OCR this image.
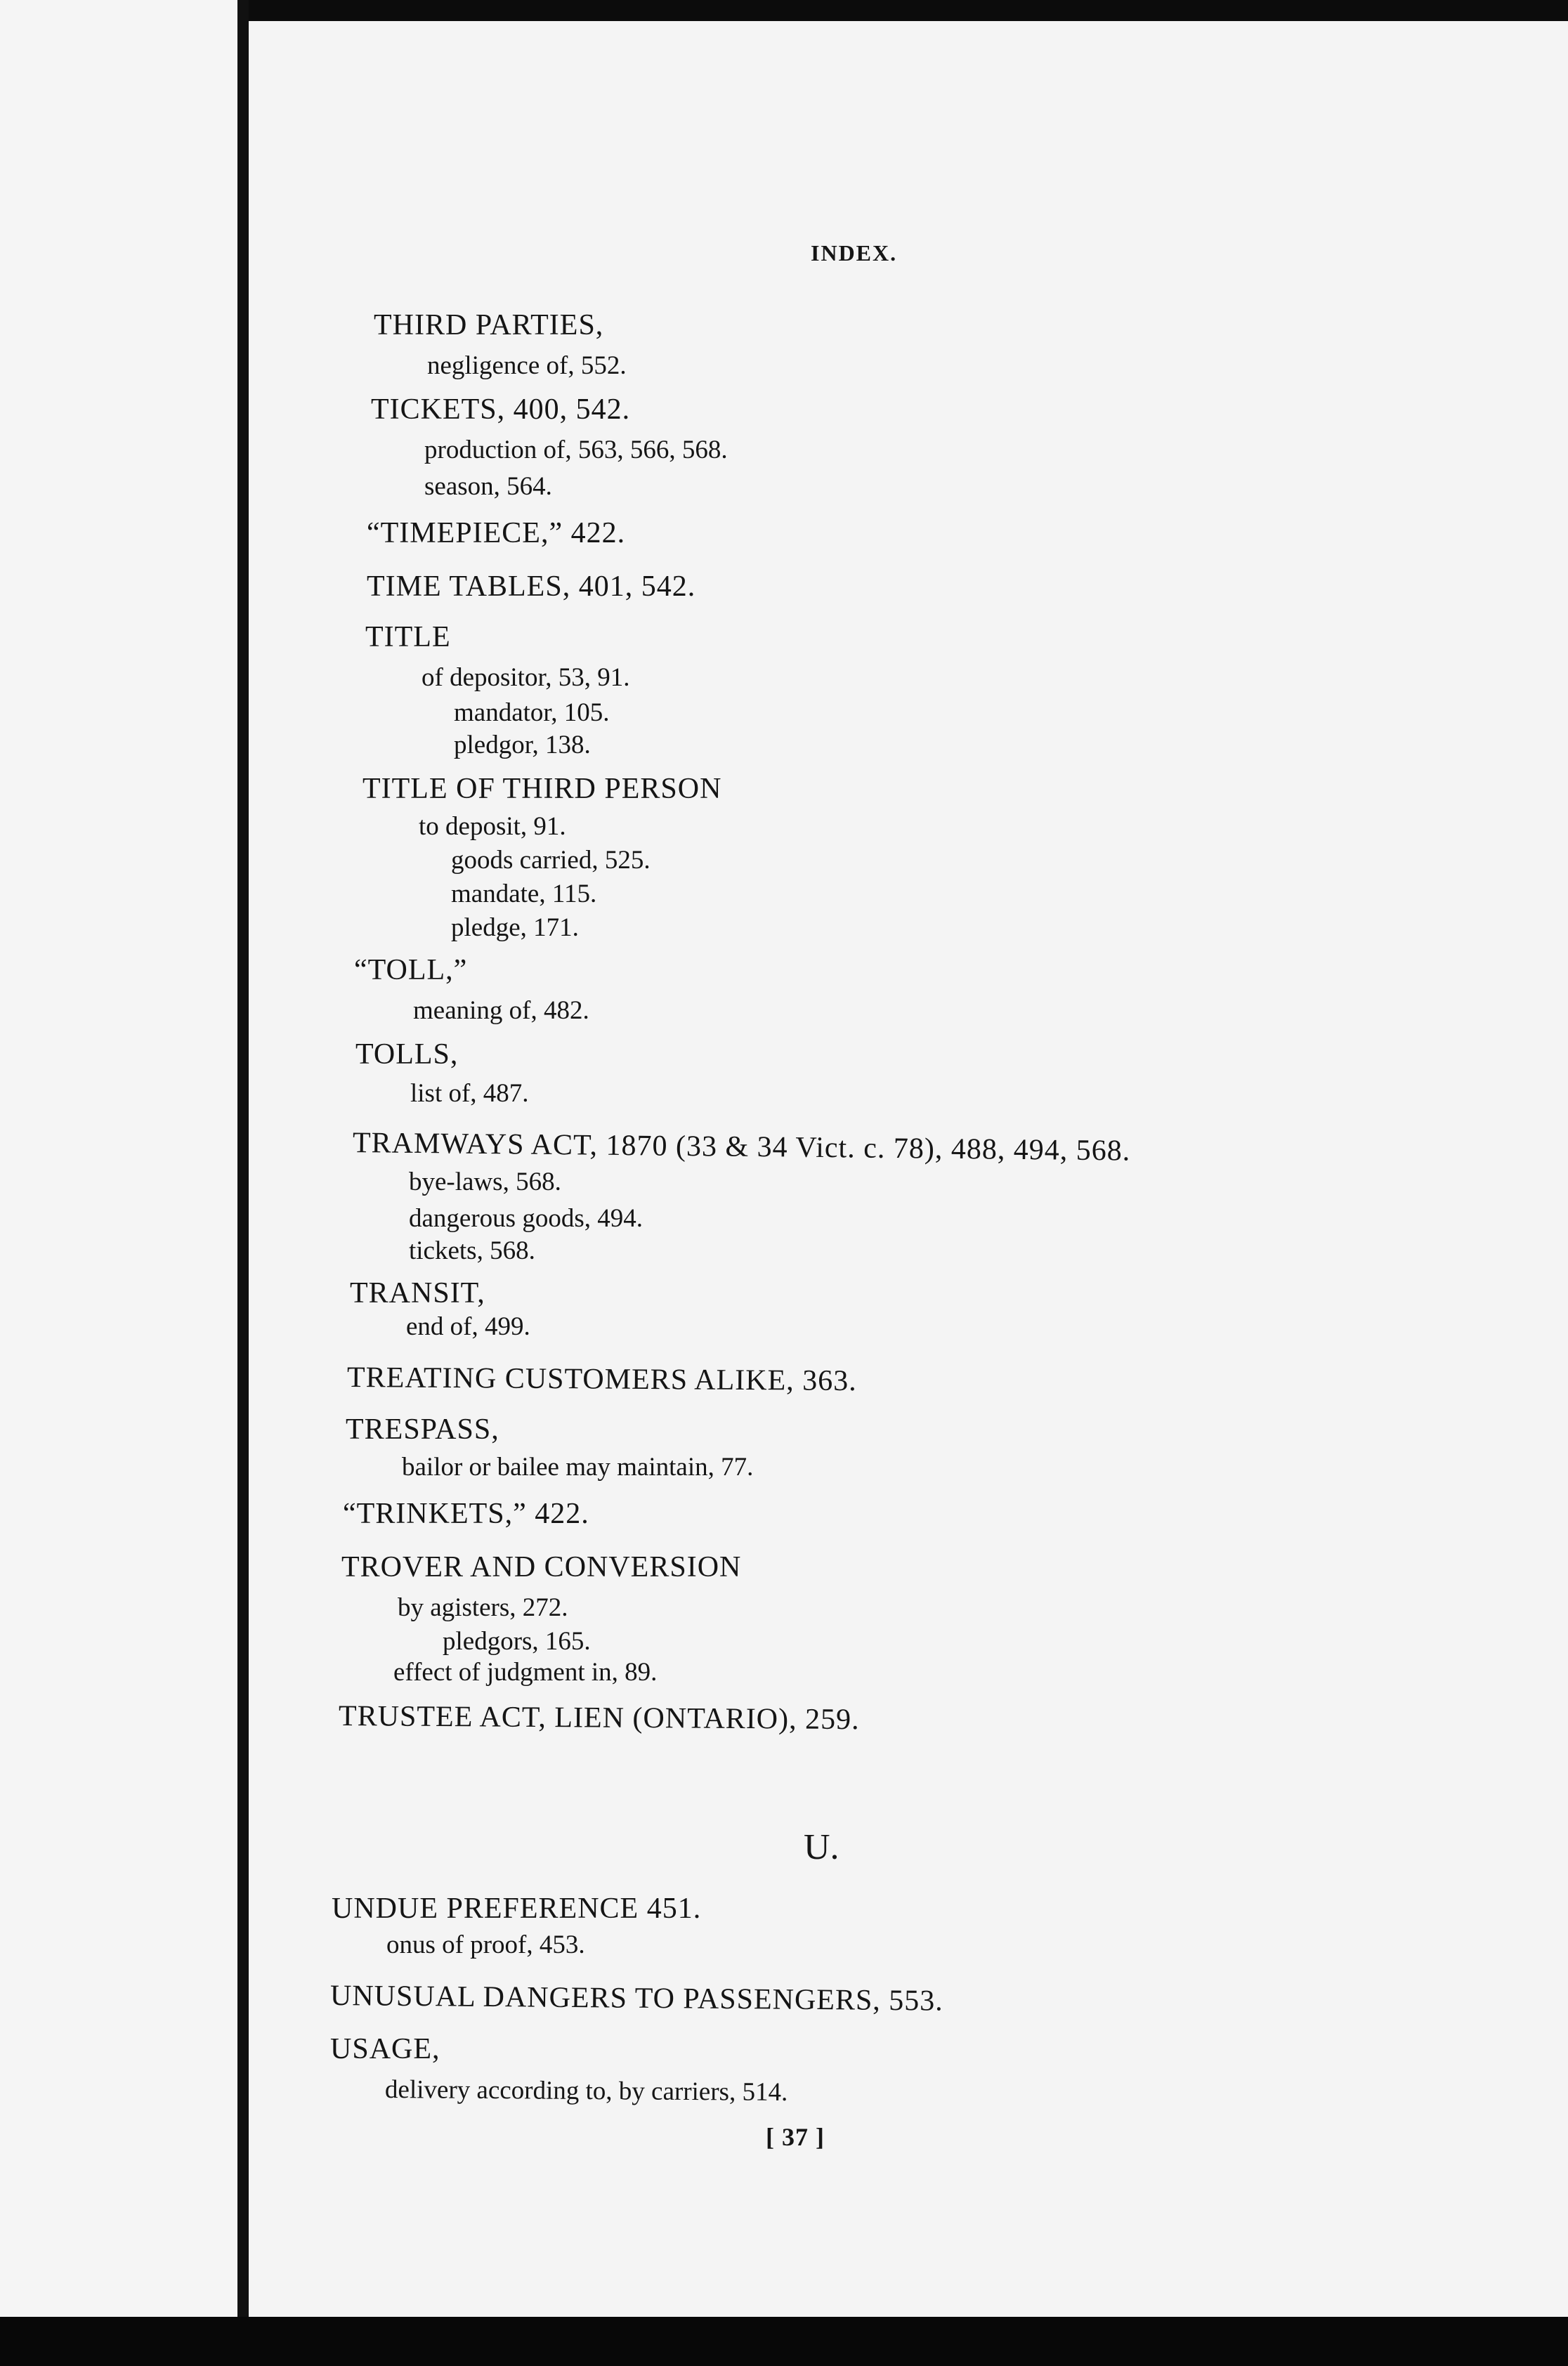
INDEX.
THIRD PARTIES,
negligence of, 552.
TICKETS, 400, 542.
production of, 563, 566, 568.
season, 564.
“TIMEPIECE,” 422.
TIME TABLES, 401, 542.
TITLE
of depositor, 53, 91.
mandator, 105.
pledgor, 138.
TITLE OF THIRD PERSON
to deposit, 91.
goods carried, 525.
mandate, 115.
pledge, 171.
“TOLL,”
meaning of, 482.
TOLLS,
list of, 487.
TRAMWAYS ACT, 1870 (33 & 34 Vict. c. 78), 488, 494, 568.
bye-laws, 568.
dangerous goods, 494.
tickets, 568.
TRANSIT,
end of, 499.
TREATING CUSTOMERS ALIKE, 363.
TRESPASS,
bailor or bailee may maintain, 77.
“TRINKETS,” 422.
TROVER AND CONVERSION
by agisters, 272.
pledgors, 165.
effect of judgment in, 89.
TRUSTEE ACT, LIEN (ONTARIO), 259.
U.
UNDUE PREFERENCE 451.
onus of proof, 453.
UNUSUAL DANGERS TO PASSENGERS, 553.
USAGE,
delivery according to, by carriers, 514.
[ 37 ]
